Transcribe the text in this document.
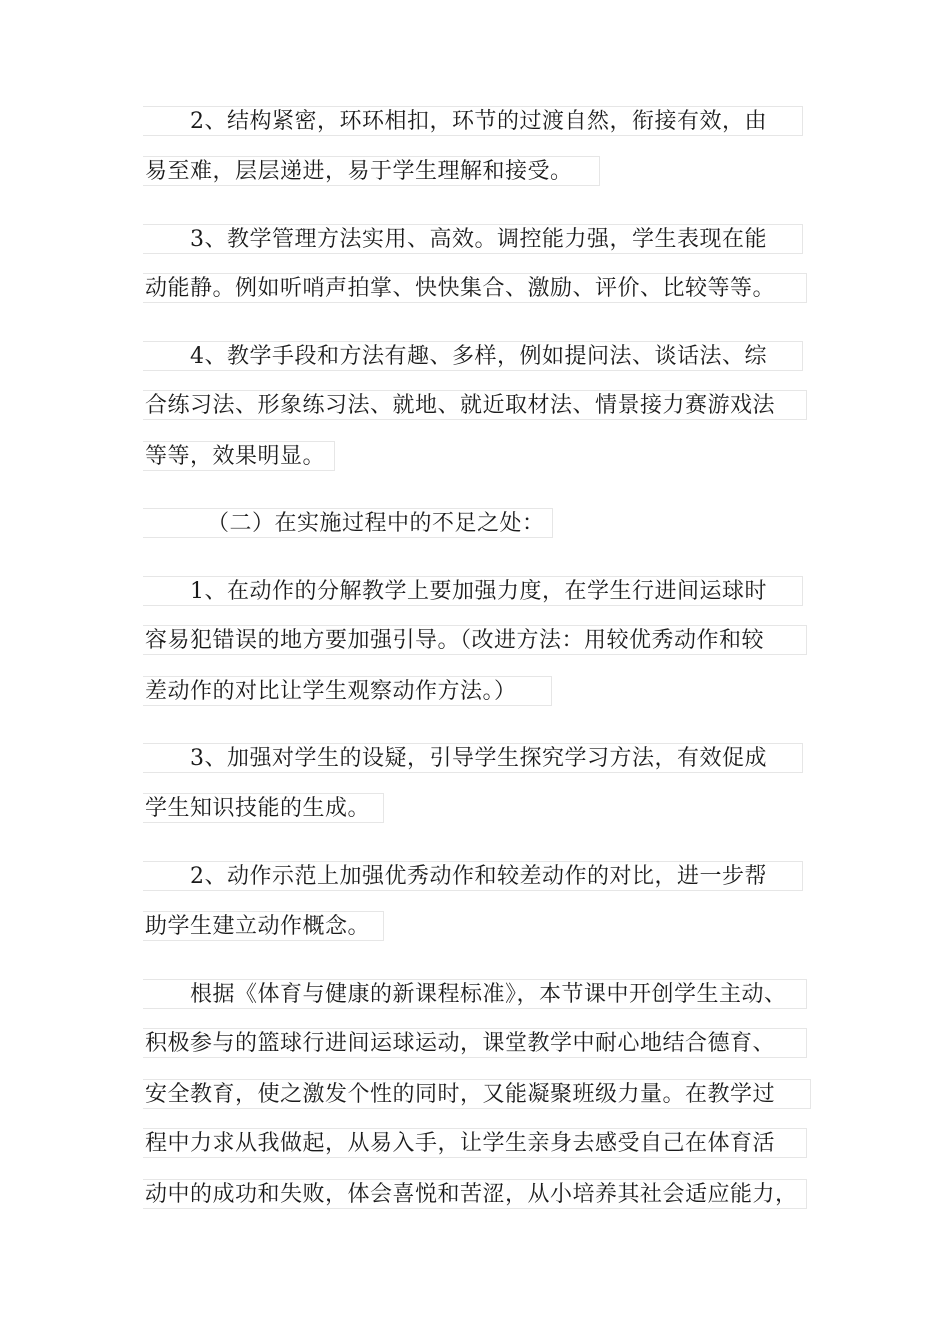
2、结构紧密，环环相扣，环节的过渡自然，衔接有效，由
易至难，层层递进，易于学生理解和接受。
3、教学管理方法实用、高效。调控能力强，学生表现在能
动能静。例如听哨声拍掌、快快集合、激励、评价、比较等等。
4、教学手段和方法有趣、多样，例如提问法、谈话法、综
合练习法、形象练习法、就地、就近取材法、情景接力赛游戏法
等等，效果明显。
（二）在实施过程中的不足之处：
1、在动作的分解教学上要加强力度，在学生行进间运球时
容易犯错误的地方要加强引导。（改进方法：用较优秀动作和较
差动作的对比让学生观察动作方法。）
3、加强对学生的设疑，引导学生探究学习方法，有效促成
学生知识技能的生成。
2、动作示范上加强优秀动作和较差动作的对比，进一步帮
助学生建立动作概念。
根据《体育与健康的新课程标准》，本节课中开创学生主动、
积极参与的篮球行进间运球运动，课堂教学中耐心地结合德育、
安全教育，使之激发个性的同时，又能凝聚班级力量。在教学过
程中力求从我做起，从易入手，让学生亲身去感受自己在体育活
动中的成功和失败，体会喜悦和苦涩，从小培养其社会适应能力，
